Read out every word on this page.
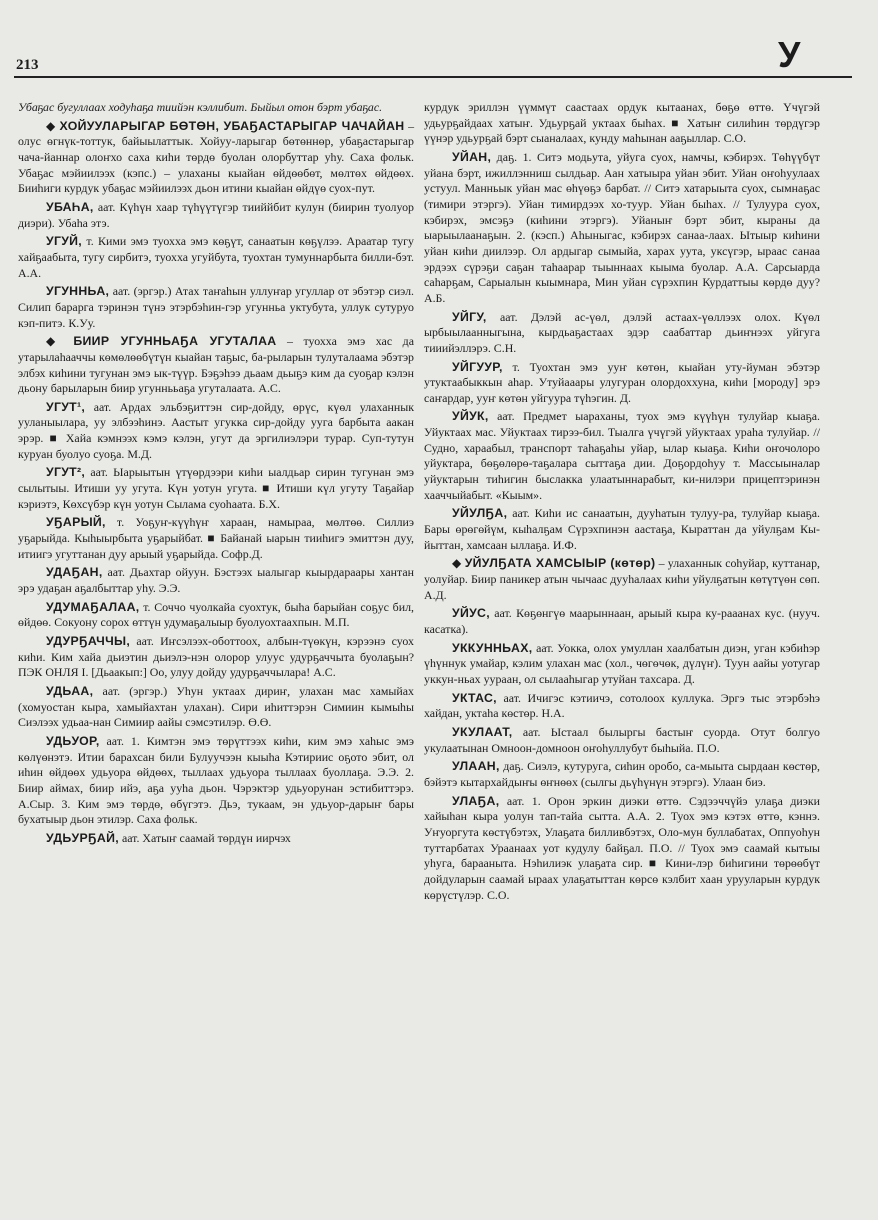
213	У

Убаҕас бугуллаах ходуһаҕа тиийэн кэллибит. Быйыл отон бэрт убаҕас.

◆ ХОЙУУЛАРЫГАР БӨТӨН, УБАҔАСТАРЫГАР ЧАЧАЙАН – олус өгнүк-тоттук, байыылаттык. Хойуу-ларыгар бөтөннөр, убаҕастарыгар чача-йаннар олоҥхо саха киһи төрдө буолан олорбуттар уһу. Саха фольк. Убаҕас мэйиилээх (кэпс.) – улаханы кыайан өйдөөбөт, мөлтөх өйдөөх. Бииһиги курдук убаҕас мэйиилээх дьон итини кыайан өйдүө суох-пут.

УБАҺА, аат. Күһүн хаар түһүүтүгэр тииййбит кулун (биирин туолуор диэри). Убаһа этэ.

УГУЙ, т. Кими эмэ туохха эмэ көҕүт, санаатын көҕүлээ. Араатар тугу хайҕаабыта, тугу сирбитэ, туохха угуйбута, туохтан тумуннарбыта билли-бэт. А.А.

УГУННЬА, аат. (эргэр.) Атах таҥаһын уллуҥар угуллар от эбэтэр сиэл. Силип барарга тэринэн түнэ этэрбэһин-гэр угунньа уктубута, уллук сутуруо кэп-питэ. К.Уу.

◆ БИИР УГУННЬАҔА УГУТАЛАА – туохха эмэ хас да утарылаһааччы көмөлөөбүтүн кыайан таҕыс, ба-рыларын тулуталаама эбэтэр элбэх киһини тугунан эмэ ык-түүр. Бэҕэһээ дьаам дьыҕэ ким да суоҕар кэлэн дьону барыларын биир угуннььаҕа угуталаата. А.С.

УГУТ¹, аат. Ардах эльбэҕиттэн сир-дойду, өрүс, күөл улаханнык ууланыылара, уу элбээһинэ. Аастыт угукка сир-дойду ууга барбыта аакан эрэр. ■ Хайа кэмнээх кэмэ кэлэн, угут да эргилиэлэри турар. Суп-тутун куруан буолуо суоҕа. М.Д.

УГУТ², аат. Ыарыытын үтүөрдээри киһи ыалдьар сирин тугунан эмэ сылытыы. Итиши уу угута. Күн уотун угута. ■ Итиши күл угуту Таҕайар кэриэтэ, Көхсүбэр күн уотун Сылама суоһаата. Б.Х.

УҔАРЫЙ, т. Уоҕуҥ-күүһүҥ хараан, намыраа, мөлтөө. Силлиэ уҕарыйда. Кыһыырбыта уҕарыйбат. ■ Байанай ыарын тииһигэ эмиттэн дуу, итиигэ угуттанан дуу арыый уҕарыйда. Софр.Д.

УДАҔАН, аат. Дьахтар ойуун. Бэстээх ыалыгар кыырдараары хантан эрэ удаҕан аҕалбыттар уһу. Э.Э.

УДУМАҔАЛАА, т. Соччо чуолкайа суохтук, быһа барыйан соҕус бил, өйдөө. Сокуону сорох өттүн удумаҕалыыр буолуохтаахпын. М.П.

УДУРҔАЧЧЫ, аат. Иҥсэлээх-оботтоох, албын-түөкүн, кэрээнэ суох киһи. Ким хайа дьиэтин дьиэлэ-нэн олорор улуус удурҕаччыта буолаҕын? ПЭК ОНЛЯ I. [Дьаакып:] Оо, улуу дойду удурҕаччылара! А.С.

УДЬАА, аат. (эргэр.) Уһун уктаах дириҥ, улахан мас хамыйах (хомуостан кыра, хамыйахтан улахан). Сири иһиттэрэн Симиин кымыһы Сиэлээх удьаа-нан Симиир аайы сэмсэтилэр. Ө.Ө.

УДЬУОР, аат. 1. Кимтэн эмэ төрүттээх киһи, ким эмэ хаһыс эмэ көлүөнэтэ. Итии барахсан били Булуучээн кыыһа Кэтириис оҕото эбит, ол иһин өйдөөх удьуора өйдөөх, тыллаах удьуора тыллаах буоллаҕа. Э.Э. 2. Биир аймах, биир ийэ, аҕа ууһа дьон. Чэрэктэр удьуорунан эстибиттэрэ. А.Сыр. 3. Ким эмэ төрдө, өбүгэтэ. Дьэ, тукаам, эн удьуор-дарыҥ бары бухатыыр дьон этилэр. Саха фольк.

УДЬУРҔАЙ, аат. Хатыҥ саамай төрдүн иирчэх

курдук эриллэн үүммүт саастаах ордук кытаанах, бөҕө өттө. Үчүгэй удьурҕайдаах хатыҥ. Удьурҕай уктаах быһах. ■ Хатыҥ силиһин төрдүгэр үүнэр удьурҕай бэрт сыаналаах, кунду маһынан ааҕыллар. С.О.

УЙАН, даҕ. 1. Ситэ модьута, уйуга суох, намчы, кэбирэх. Төһүүбүт уйана бэрт, ижиллэнниш сылдьар. Аан хатыыра уйан эбит. Уйан оҥоһуулаах устуул. Манньык уйан мас өһүөҕэ барбат. // Ситэ хатарыыта суох, сымнаҕас (тимири этэргэ). Уйан тимирдээх хо-туур. Уйан быһах. // Тулуура суох, кэбирэх, эмсэҕэ (киһини этэргэ). Уйаныҥ бэрт эбит, кыраны да ыарыылаанаҕын. 2. (кэсп.) Аһыныгас, кэбирэх санаа-лаах. Ытыыр киһини уйан киһи диилээр. Ол ардыгар сымыйа, харах уута, уксүгэр, ыраас санаа эрдээх сүрэҕи саҕан таһаарар тыыннаах кыыма буолар. А.А. Сарсыарда саһарҕам, Сарыалын кыымнара, Мин уйан сүрэхпин Курдаттыы көрдө дуу? А.Б.

УЙГУ, аат. Дэлэй ас-үөл, дэлэй астаах-үөллээх олох. Күөл ырбыылаанныгына, кырдьаҕастаах эдэр саабаттар дьиҥнээх уйгуга тииийэллэрэ. С.Н.

УЙГУУР, т. Туохтан эмэ ууҥ көтөн, кыайан уту-йуман эбэтэр утуктаабыккын аһар. Утуйааары улугуран олордоххуна, киһи [мороду] эрэ саҥардар, ууҥ көтөн уйгуура түһэгин. Д.

УЙУК, аат. Предмет ыараханы, туох эмэ күүһүн тулуйар кыаҕа. Уйуктаах мас. Уйуктаах тирээ-бил. Тыалга үчүгэй уйуктаах ураһа тулуйар. // Судно, хараабыл, транспорт таһаҕаһы уйар, ылар кыаҕа. Киһи оҥочолоро уйуктара, бөҕөлөрө-таҕалара сыттаҕа дии. Доҕордоһуу т. Массыыналар уйуктарын тиһигин быслакка улаатыннарабыт, ки-нилэри прицептэринэн хааччыйабыт. «Кыым».

УЙУЛҔА, аат. Киһи ис санаатын, дууһатын тулуу-ра, тулуйар кыаҕа. Бары өрөгөйүм, кыһалҕам Сүрэхпинэн аастаҕа, Кыраттан да уйулҕам Кы-йыттан, хамсаан ыллаҕа. И.Ф.

◆ УЙУЛҔАТА ХАМСЫЫР (көтөр) – улаханнык соһуйар, куттанар, уолуйар. Биир паникер атын чычаас дууһалаах киһи уйулҕатын көтүтүөн сөп. А.Д.

УЙУС, аат. Көҕөнгүө маарыннаан, арыый кыра ку-рааанах кус. (нууч. касатка).

УККУННЬАХ, аат. Уокка, олох умуллан хаалбатын диэн, уган кэбиһэр үһүннук умайар, кэлим улахан мас (хол., чөгөчөк, дүлүҥ). Туун аайы уотугар уккун-ньах уураан, ол сылааһыгар утуйан тахсара. Д.

УКТАС, аат. Ичигэс кэтиичэ, сотолоох куллука. Эргэ тыс этэрбэһэ хайдан, уктаһа көстөр. Н.А.

УКУЛААТ, аат. Ыстаал былыргы бастыҥ суорда. Отут болгуо укулаатынан Омноон-домноон оҥоһуллубут быһыйа. П.О.

УЛААН, даҕ. Сиэлэ, кутуруга, сиһин оробо, са-мыыта сырдаан көстөр, бэйэтэ кытархайдыҥы өҥнөөх (сылгы дьүһүнүн этэргэ). Улаан биэ.

УЛАҔА, аат. 1. Орон эркин диэки өттө. Сэдээччүйэ улаҕа диэки хайыһан кыра уолун тап-тайа сытта. А.А. 2. Туох эмэ кэтэх өттө, кэннэ. Уҥуоргута көстүбэтэх, Улаҕата билливбэтэх, Оло-мун буллабатах, Оппуоһун туттарбатах Ураанаах уот кудулу байҕал. П.О. // Туох эмэ саамай кытыы уһуга, барааныта. Нэһилиэк улаҕата сир. ■ Кини-лэр биһигини төрөөбүт дойдуларын саамай ыраах улаҕатыттан көрсө кэлбит хаан урууларын курдук көрүстүлэр. С.О.
